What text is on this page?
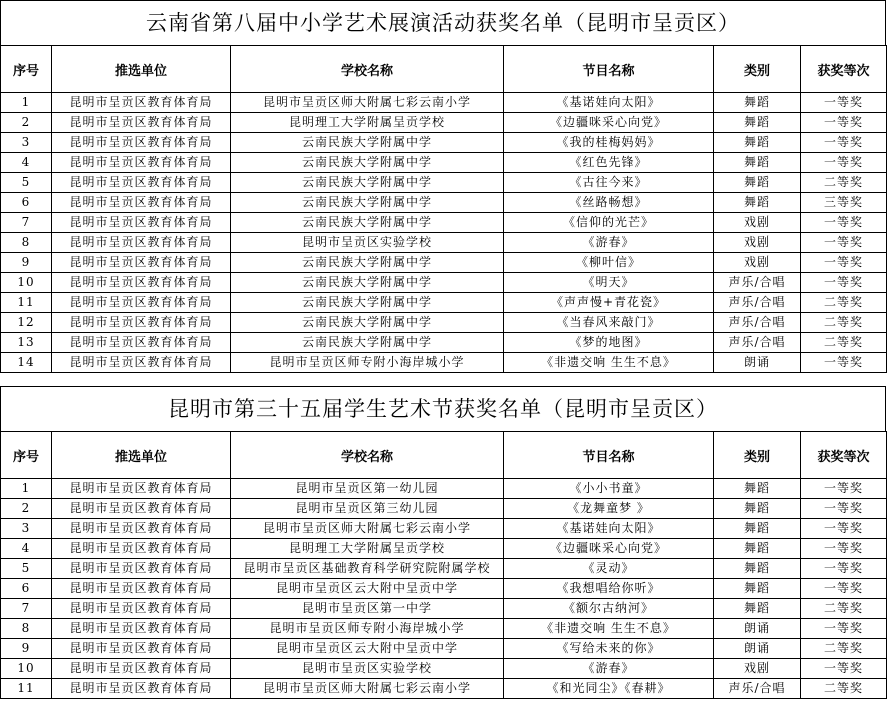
云南省第八届中小学艺术展演活动获奖名单（昆明市呈贡区）
序号	推选单位	学校名称	节目名称	类别	获奖等次
1	昆明市呈贡区教育体育局	昆明市呈贡区师大附属七彩云南小学	《基诺娃向太阳》	舞蹈	一等奖
2	昆明市呈贡区教育体育局	昆明理工大学附属呈贡学校	《边疆咪采心向党》	舞蹈	一等奖
3	昆明市呈贡区教育体育局	云南民族大学附属中学	《我的桂梅妈妈》	舞蹈	一等奖
4	昆明市呈贡区教育体育局	云南民族大学附属中学	《红色先锋》	舞蹈	一等奖
5	昆明市呈贡区教育体育局	云南民族大学附属中学	《古往今来》	舞蹈	二等奖
6	昆明市呈贡区教育体育局	云南民族大学附属中学	《丝路畅想》	舞蹈	三等奖
7	昆明市呈贡区教育体育局	云南民族大学附属中学	《信仰的光芒》	戏剧	一等奖
8	昆明市呈贡区教育体育局	昆明市呈贡区实验学校	《游春》	戏剧	一等奖
9	昆明市呈贡区教育体育局	云南民族大学附属中学	《柳叶信》	戏剧	一等奖
10	昆明市呈贡区教育体育局	云南民族大学附属中学	《明天》	声乐/合唱	一等奖
11	昆明市呈贡区教育体育局	云南民族大学附属中学	《声声慢+青花瓷》	声乐/合唱	二等奖
12	昆明市呈贡区教育体育局	云南民族大学附属中学	《当春风来敲门》	声乐/合唱	二等奖
13	昆明市呈贡区教育体育局	云南民族大学附属中学	《梦的地图》	声乐/合唱	二等奖
14	昆明市呈贡区教育体育局	昆明市呈贡区师专附小海岸城小学	《非遗交响 生生不息》	朗诵	一等奖
昆明市第三十五届学生艺术节获奖名单（昆明市呈贡区）
序号	推选单位	学校名称	节目名称	类别	获奖等次
1	昆明市呈贡区教育体育局	昆明市呈贡区第一幼儿园	《小小书童》	舞蹈	一等奖
2	昆明市呈贡区教育体育局	昆明市呈贡区第三幼儿园	《龙舞童梦 》	舞蹈	一等奖
3	昆明市呈贡区教育体育局	昆明市呈贡区师大附属七彩云南小学	《基诺娃向太阳》	舞蹈	一等奖
4	昆明市呈贡区教育体育局	昆明理工大学附属呈贡学校	《边疆咪采心向党》	舞蹈	一等奖
5	昆明市呈贡区教育体育局	昆明市呈贡区基础教育科学研究院附属学校	《灵动》	舞蹈	一等奖
6	昆明市呈贡区教育体育局	昆明市呈贡区云大附中呈贡中学	《我想唱给你听》	舞蹈	一等奖
7	昆明市呈贡区教育体育局	昆明市呈贡区第一中学	《额尔古纳河》	舞蹈	二等奖
8	昆明市呈贡区教育体育局	昆明市呈贡区师专附小海岸城小学	《非遗交响 生生不息》	朗诵	一等奖
9	昆明市呈贡区教育体育局	昆明市呈贡区云大附中呈贡中学	《写给未来的你》	朗诵	二等奖
10	昆明市呈贡区教育体育局	昆明市呈贡区实验学校	《游春》	戏剧	一等奖
11	昆明市呈贡区教育体育局	昆明市呈贡区师大附属七彩云南小学	《和光同尘》《春耕》	声乐/合唱	二等奖
